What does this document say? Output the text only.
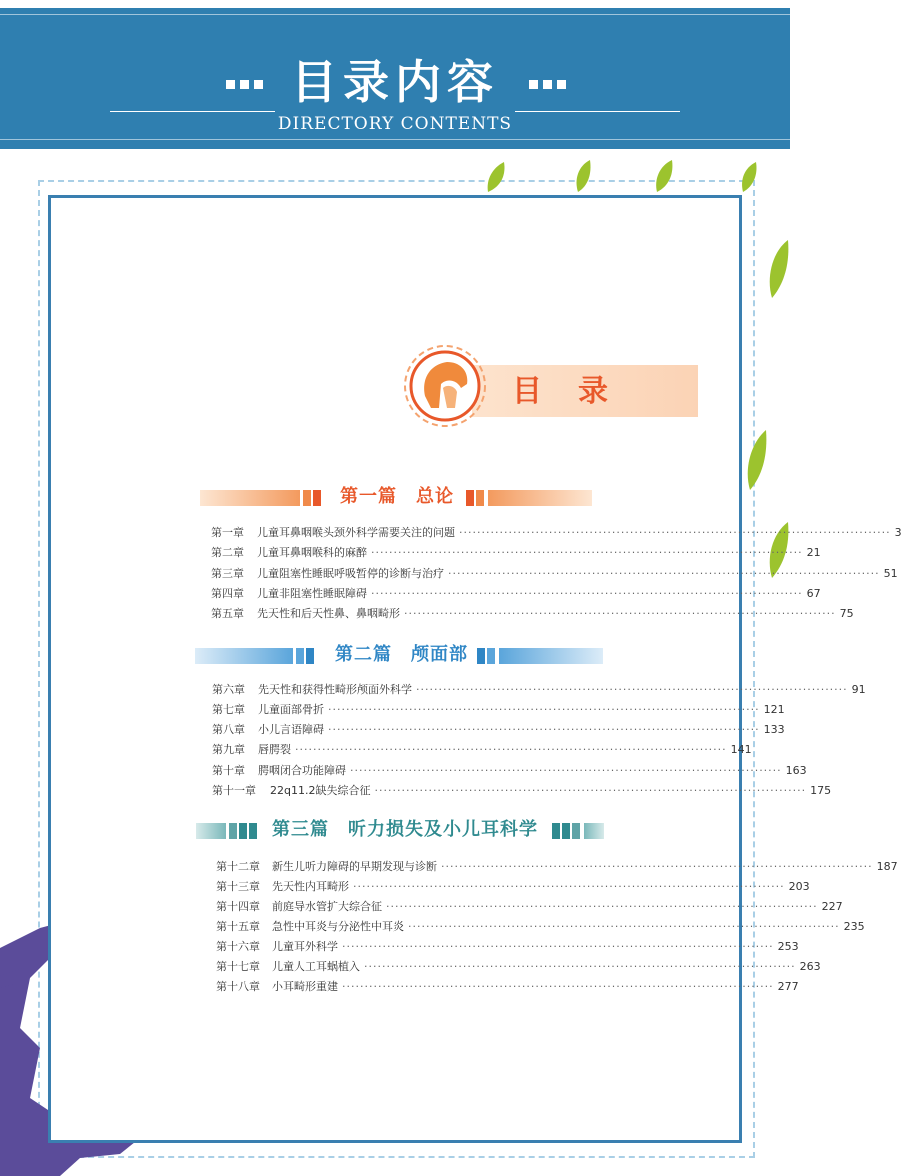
目录内容
DIRECTORY CONTENTS
目录
第一篇　总论
第一章	儿童耳鼻咽喉头颈外科学需要关注的问题 ································································································ 3
第二章	儿童耳鼻咽喉科的麻醉 ································································································ 21
第三章	儿童阻塞性睡眠呼吸暂停的诊断与治疗 ································································································ 51
第四章	儿童非阻塞性睡眠障碍 ································································································ 67
第五章	先天性和后天性鼻、鼻咽畸形 ································································································ 75
第二篇　颅面部
第六章	先天性和获得性畸形颅面外科学 ································································································ 91
第七章	儿童面部骨折 ································································································ 121
第八章	小儿言语障碍 ································································································ 133
第九章	唇腭裂 ································································································ 141
第十章	腭咽闭合功能障碍 ································································································ 163
第十一章	22q11.2缺失综合征 ································································································ 175
第三篇　听力损失及小儿耳科学
第十二章	新生儿听力障碍的早期发现与诊断 ································································································ 187
第十三章	先天性内耳畸形 ································································································ 203
第十四章	前庭导水管扩大综合征 ································································································ 227
第十五章	急性中耳炎与分泌性中耳炎 ································································································ 235
第十六章	儿童耳外科学 ································································································ 253
第十七章	儿童人工耳蜗植入 ································································································ 263
第十八章	小耳畸形重建 ································································································ 277
